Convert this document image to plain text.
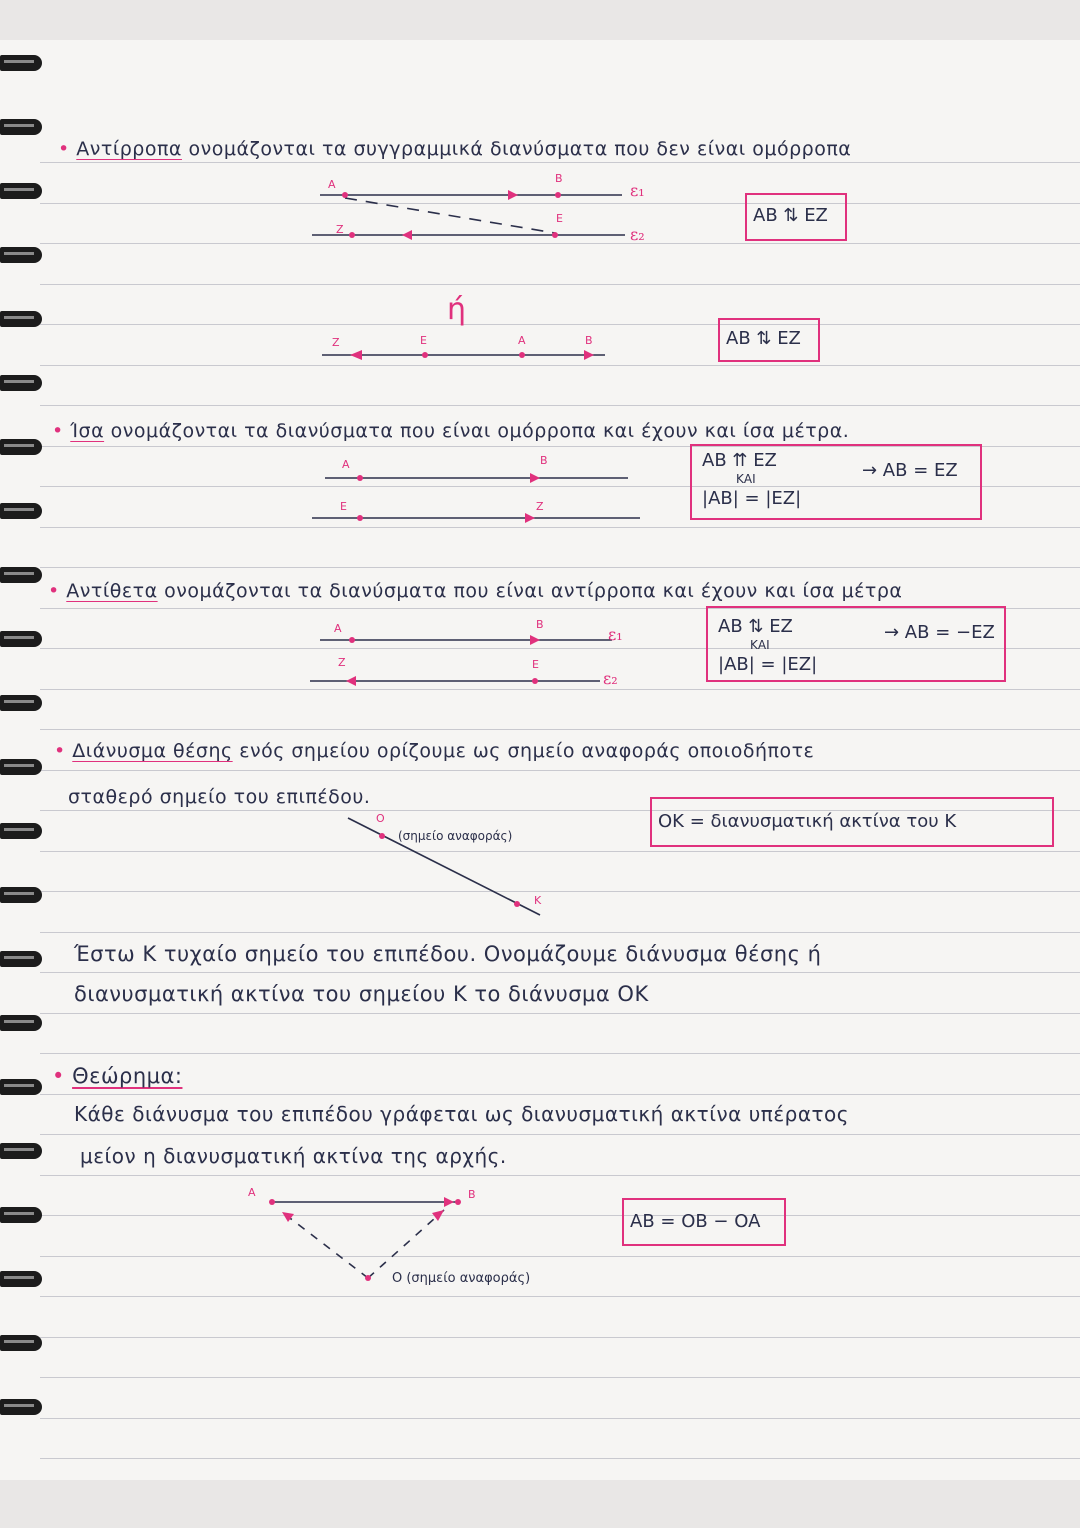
• Αντίρροπα ονομάζονται τα συγγραμμικά διανύσματα που δεν είναι ομόρροπα
ή
AB ⇅ EZ
AB ⇅ EZ
• Ίσα ονομάζονται τα διανύσματα που είναι ομόρροπα και έχουν και ίσα μέτρα.
AB ⇈ EZ
ΚΑΙ
|AB| = |EZ|
→ AB = EZ
• Αντίθετα ονομάζονται τα διανύσματα που είναι αντίρροπα και έχουν και ίσα μέτρα
AB ⇅ EZ
ΚΑΙ
|AB| = |EZ|
→ AB = −EZ
• Διάνυσμα θέσης ενός σημείου ορίζουμε ως σημείο αναφοράς οποιοδήποτε
σταθερό σημείο του επιπέδου.
OK = διανυσματική ακτίνα του K
Έστω K τυχαίο σημείο του επιπέδου. Ονομάζουμε διάνυσμα θέσης ή
διανυσματική ακτίνα του σημείου K το διάνυσμα OK
• Θεώρημα:
Κάθε διάνυσμα του επιπέδου γράφεται ως διανυσματική ακτίνα υπέρατος
μείον η διανυσματική ακτίνα της αρχής.
AB = OB − OA
A	B
ε₁
Z
E
ε₂
Z	E	A	B
A	B
E	Z
A	B
ε₁
Z	E
ε₂
O
(σημείο αναφοράς)
K
A	B
O (σημείο αναφοράς)
